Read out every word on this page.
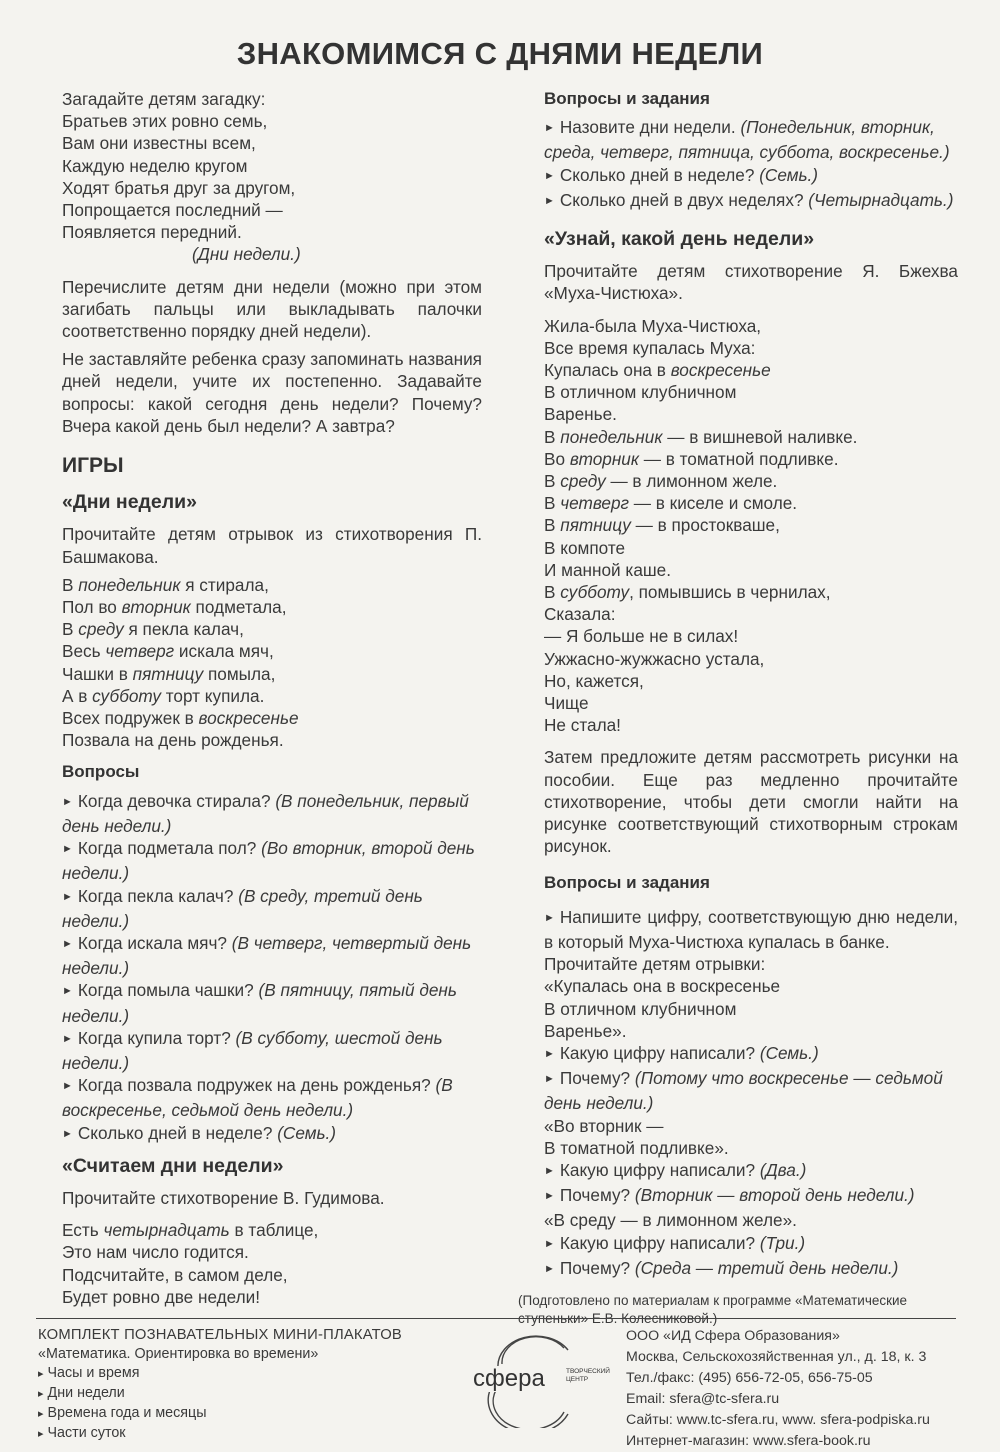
ЗНАКОМИМСЯ С ДНЯМИ НЕДЕЛИ
Загадайте детям загадку:
Братьев этих ровно семь,
Вам они известны всем,
Каждую неделю кругом
Ходят братья друг за другом,
Попрощается последний —
Появляется передний.
(Дни недели.)
Перечислите детям дни недели (можно при этом загибать пальцы или выкладывать палочки соответственно порядку дней недели).
Не заставляйте ребенка сразу запоминать названия дней недели, учите их постепенно. Задавайте вопросы: какой сегодня день недели? Почему? Вчера какой день был недели? А завтра?
ИГРЫ
«Дни недели»
Прочитайте детям отрывок из стихотворения П. Башмакова.
В понедельник я стирала,
Пол во вторник подметала,
В среду я пекла калач,
Весь четверг искала мяч,
Чашки в пятницу помыла,
А в субботу торт купила.
Всех подружек в воскресенье
Позвала на день рожденья.
Вопросы
► Когда девочка стирала? (В понедельник, первый день недели.)
► Когда подметала пол? (Во вторник, второй день недели.)
► Когда пекла калач? (В среду, третий день недели.)
► Когда искала мяч? (В четверг, четвертый день недели.)
► Когда помыла чашки? (В пятницу, пятый день недели.)
► Когда купила торт? (В субботу, шестой день недели.)
► Когда позвала подружек на день рожденья? (В воскресенье, седьмой день недели.)
► Сколько дней в неделе? (Семь.)
«Считаем дни недели»
Прочитайте стихотворение В. Гудимова.
Есть четырнадцать в таблице,
Это нам число годится.
Подсчитайте, в самом деле,
Будет ровно две недели!
Вопросы и задания
► Назовите дни недели. (Понедельник, вторник, среда, четверг, пятница, суббота, воскресенье.)
► Сколько дней в неделе? (Семь.)
► Сколько дней в двух неделях? (Четырнадцать.)
«Узнай, какой день недели»
Прочитайте детям стихотворение Я. Бжехва «Муха-Чистюха».
Жила-была Муха-Чистюха,
Все время купалась Муха:
Купалась она в воскресенье
В отличном клубничном
Варенье.
В понедельник — в вишневой наливке.
Во вторник — в томатной подливке.
В среду — в лимонном желе.
В четверг — в киселе и смоле.
В пятницу — в простокваше,
В компоте
И манной каше.
В субботу, помывшись в чернилах,
Сказала:
— Я больше не в силах!
Ужжасно-жужжасно устала,
Но, кажется,
Чище
Не стала!
Затем предложите детям рассмотреть рисунки на пособии. Еще раз медленно прочитайте стихотворение, чтобы дети смогли найти на рисунке соответствующий стихотворным строкам рисунок.
Вопросы и задания
► Напишите цифру, соответствующую дню недели, в который Муха-Чистюха купалась в банке.
Прочитайте детям отрывки:
«Купалась она в воскресенье
В отличном клубничном
Варенье».
► Какую цифру написали? (Семь.)
► Почему? (Потому что воскресенье — седьмой день недели.)
«Во вторник —
В томатной подливке».
► Какую цифру написали? (Два.)
► Почему? (Вторник — второй день недели.)
«В среду — в лимонном желе».
► Какую цифру написали? (Три.)
► Почему? (Среда — третий день недели.)
(Подготовлено по материалам к программе «Математические ступеньки» Е.В. Колесниковой.)
КОМПЛЕКТ ПОЗНАВАТЕЛЬНЫХ МИНИ-ПЛАКАТОВ
«Математика. Ориентировка во времени»
▸ Часы и время
▸ Дни недели
▸ Времена года и месяцы
▸ Части суток
сфера	ТВОРЧЕСКИЙ
ЦЕНТР
ООО «ИД Сфера Образования»
Москва, Сельскохозяйственная ул., д. 18, к. 3
Тел./факс: (495) 656-72-05, 656-75-05
Email: sfera@tc-sfera.ru
Сайты: www.tc-sfera.ru, www. sfera-podpiska.ru
Интернет-магазин: www.sfera-book.ru
